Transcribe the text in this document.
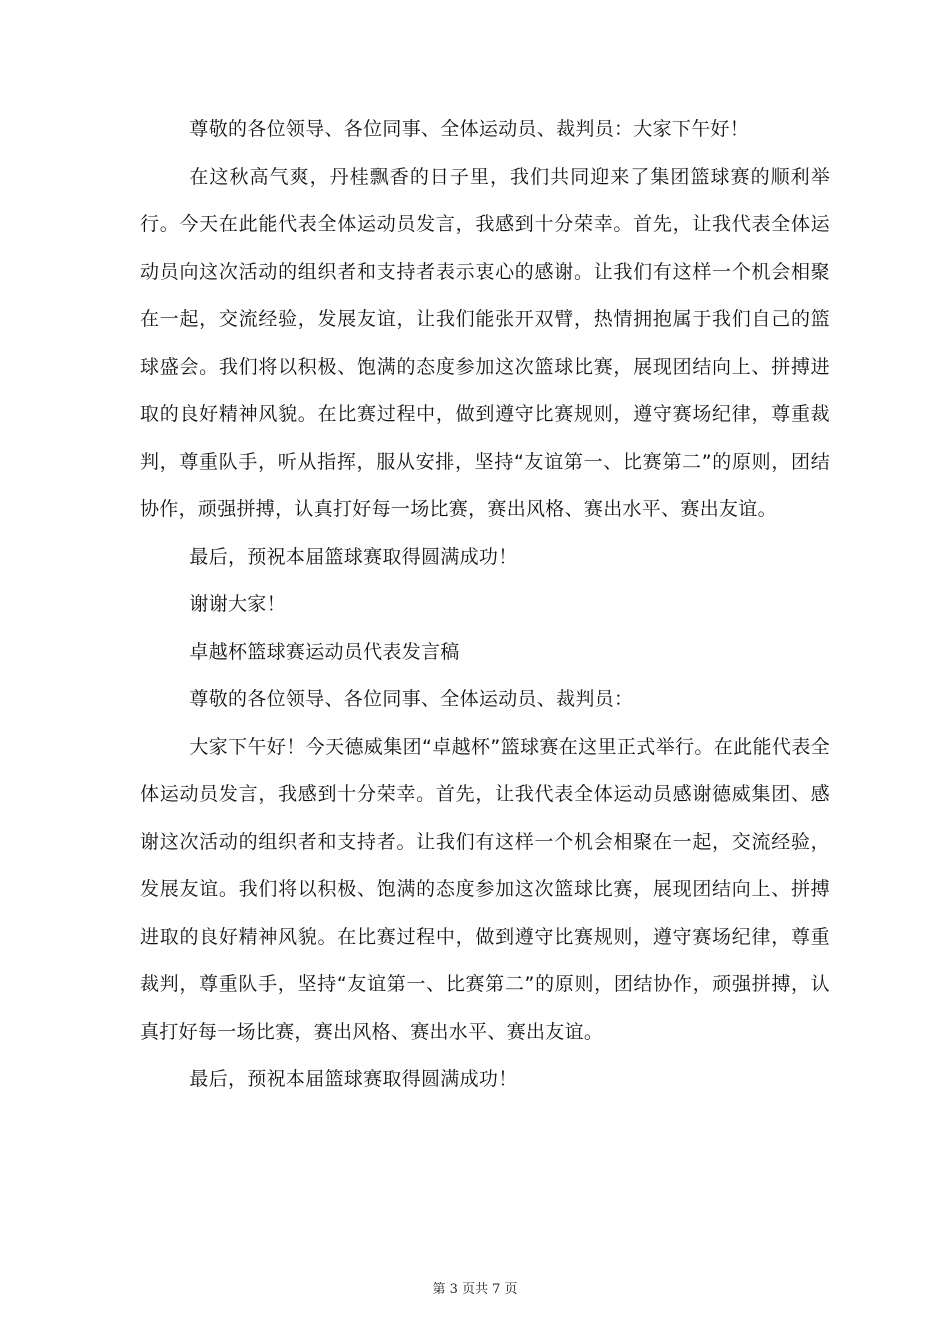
尊敬的各位领导、各位同事、全体运动员、裁判员：大家下午好！

在这秋高气爽，丹桂飘香的日子里，我们共同迎来了集团篮球赛的顺利举行。今天在此能代表全体运动员发言，我感到十分荣幸。首先，让我代表全体运动员向这次活动的组织者和支持者表示衷心的感谢。让我们有这样一个机会相聚在一起，交流经验，发展友谊，让我们能张开双臂，热情拥抱属于我们自己的篮球盛会。我们将以积极、饱满的态度参加这次篮球比赛，展现团结向上、拼搏进取的良好精神风貌。在比赛过程中，做到遵守比赛规则，遵守赛场纪律，尊重裁判，尊重队手，听从指挥，服从安排，坚持“友谊第一、比赛第二”的原则，团结协作，顽强拼搏，认真打好每一场比赛，赛出风格、赛出水平、赛出友谊。

最后，预祝本届篮球赛取得圆满成功！

谢谢大家！

卓越杯篮球赛运动员代表发言稿

尊敬的各位领导、各位同事、全体运动员、裁判员：

大家下午好！今天德威集团“卓越杯”篮球赛在这里正式举行。在此能代表全体运动员发言，我感到十分荣幸。首先，让我代表全体运动员感谢德威集团、感谢这次活动的组织者和支持者。让我们有这样一个机会相聚在一起，交流经验，发展友谊。我们将以积极、饱满的态度参加这次篮球比赛，展现团结向上、拼搏进取的良好精神风貌。在比赛过程中，做到遵守比赛规则，遵守赛场纪律，尊重裁判，尊重队手，坚持“友谊第一、比赛第二”的原则，团结协作，顽强拼搏，认真打好每一场比赛，赛出风格、赛出水平、赛出友谊。

最后，预祝本届篮球赛取得圆满成功！

第 3 页共 7 页
